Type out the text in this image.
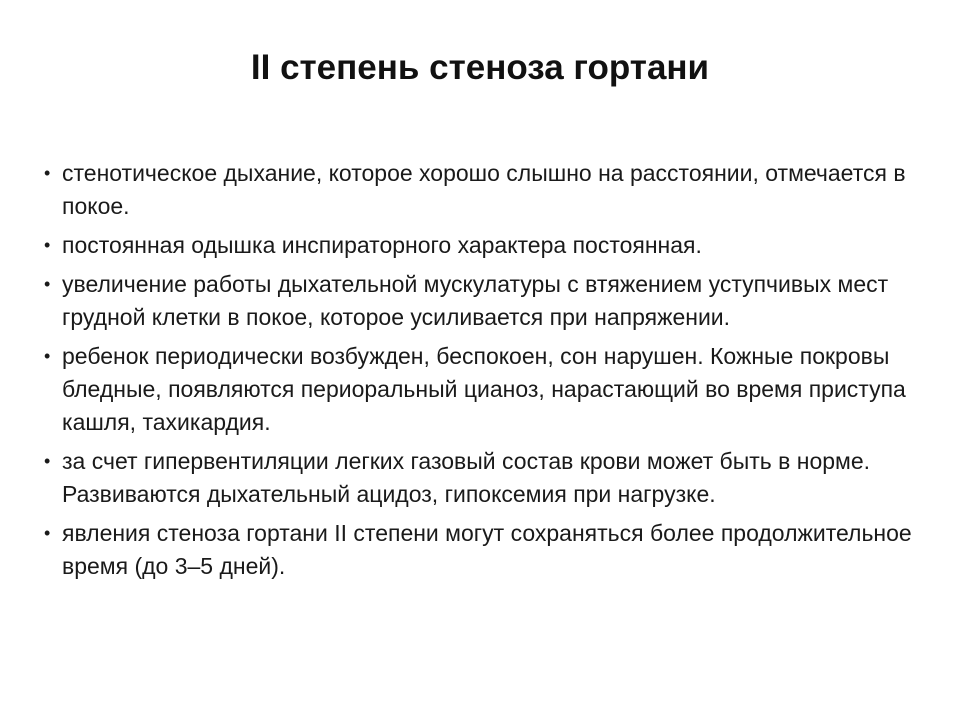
II степень стеноза гортани
• стенотическое дыхание, которое хорошо слышно на расстоянии, отмечается в покое.
• постоянная одышка инспираторного характера постоянная.
• увеличение работы дыхательной мускулатуры с втяжением уступчивых мест грудной клетки в покое, которое усиливается при напряжении.
• ребенок периодически возбужден, беспокоен, сон нарушен. Кожные покровы бледные, появляются периоральный цианоз, нарастающий во время приступа кашля, тахикардия.
• за счет гипервентиляции легких газовый состав крови может быть в норме. Развиваются дыхательный ацидоз, гипоксемия при нагрузке.
• явления стеноза гортани II степени могут сохраняться более продолжительное время (до 3–5 дней).
